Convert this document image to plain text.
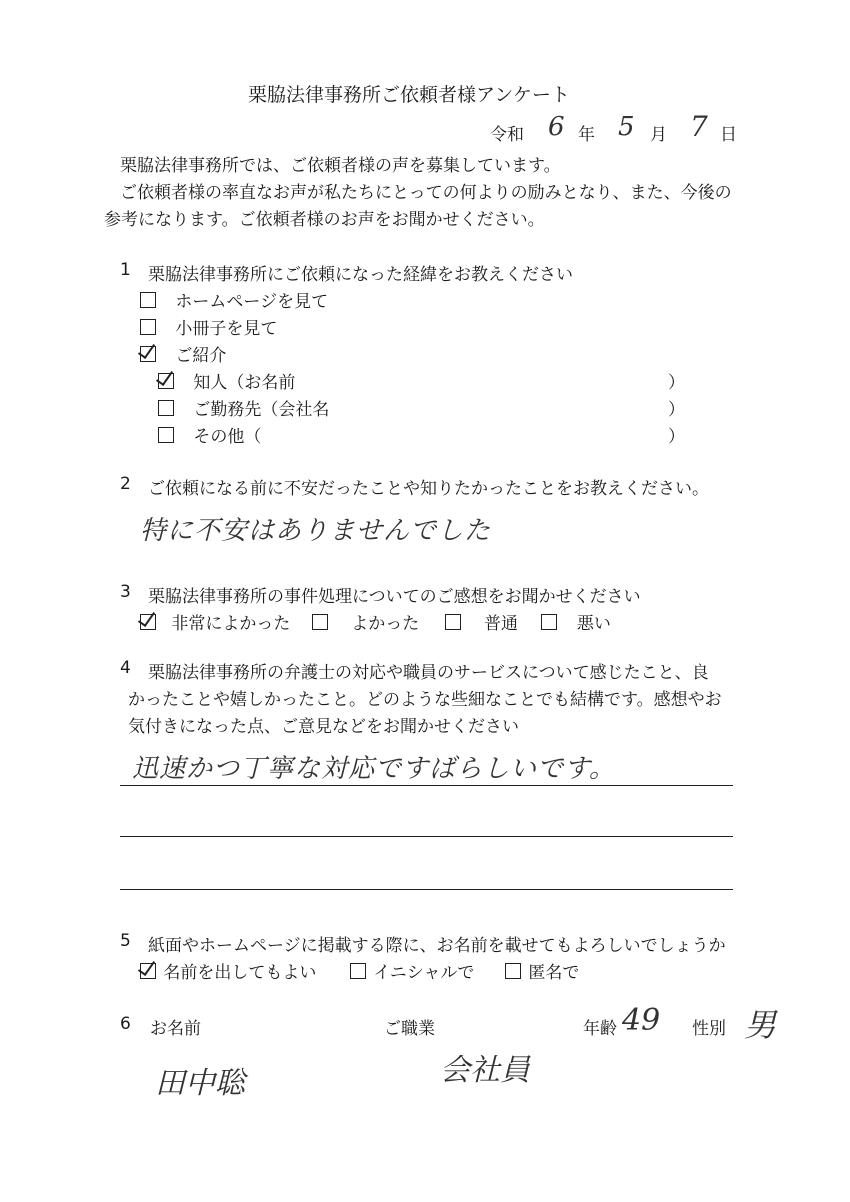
栗脇法律事務所ご依頼者様アンケート
令和 6 年 5 月 7 日
栗脇法律事務所では、ご依頼者様の声を募集しています。
ご依頼者様の率直なお声が私たちにとっての何よりの励みとなり、また、今後の
参考になります。ご依頼者様のお声をお聞かせください。
1 栗脇法律事務所にご依頼になった経緯をお教えください
ホームページを見て
小冊子を見て
ご紹介
知人（お名前	）
ご勤務先（会社名	）
その他（	）
2 ご依頼になる前に不安だったことや知りたかったことをお教えください。
特に不安はありませんでした
3 栗脇法律事務所の事件処理についてのご感想をお聞かせください
非常によかった	よかった	普通	悪い
4 栗脇法律事務所の弁護士の対応や職員のサービスについて感じたこと、良
かったことや嬉しかったこと。どのような些細なことでも結構です。感想やお
気付きになった点、ご意見などをお聞かせください
迅速かつ丁寧な対応ですばらしいです。
5 紙面やホームページに掲載する際に、お名前を載せてもよろしいでしょうか
名前を出してもよい	イニシャルで	匿名で
6 お名前	ご職業	年齢 49 性別 男
田中聡	会社員
